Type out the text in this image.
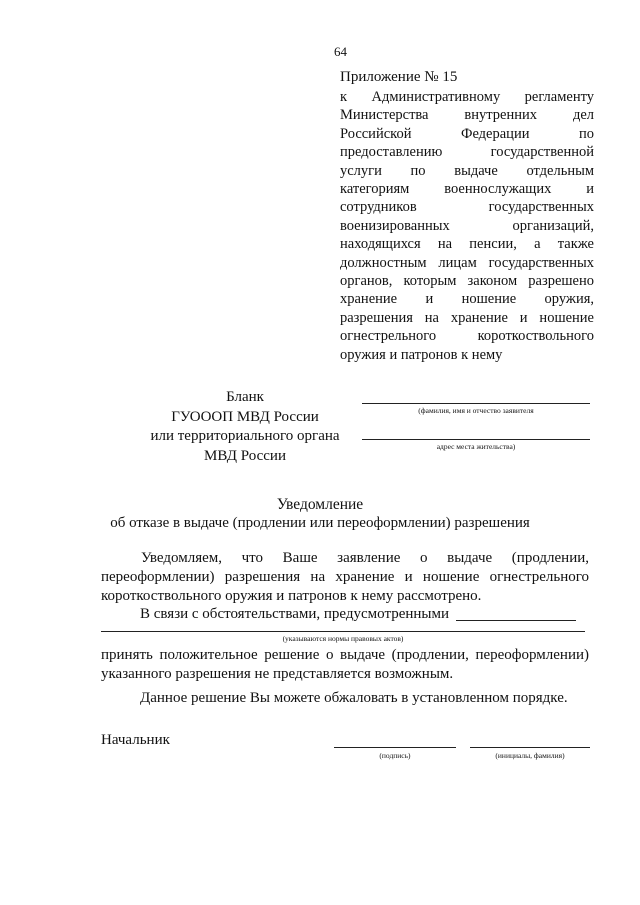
64
Приложение № 15
к Административному регламенту
Министерства внутренних дел
Российской Федерации по
предоставлению государственной
услуги по выдаче отдельным
категориям военнослужащих и
сотрудников государственных
военизированных организаций,
находящихся на пенсии, а также
должностным лицам государственных
органов, которым законом разрешено
хранение и ношение оружия,
разрешения на хранение и ношение
огнестрельного короткоствольного
оружия и патронов к нему
Бланк
ГУОООП МВД России
или территориального органа
МВД России
(фамилия, имя и отчество заявителя
адрес места жительства)
Уведомление
об отказе в выдаче (продлении или переоформлении) разрешения
Уведомляем, что Ваше заявление о выдаче (продлении,
переоформлении) разрешения на хранение и ношение огнестрельного
короткоствольного оружия и патронов к нему рассмотрено.
В связи с обстоятельствами, предусмотренными
(указываются нормы правовых актов)
принять положительное решение о выдаче (продлении, переоформлении)
указанного разрешения не представляется возможным.
Данное решение Вы можете обжаловать в установленном порядке.
Начальник
(подпись)	(инициалы, фамилия)
